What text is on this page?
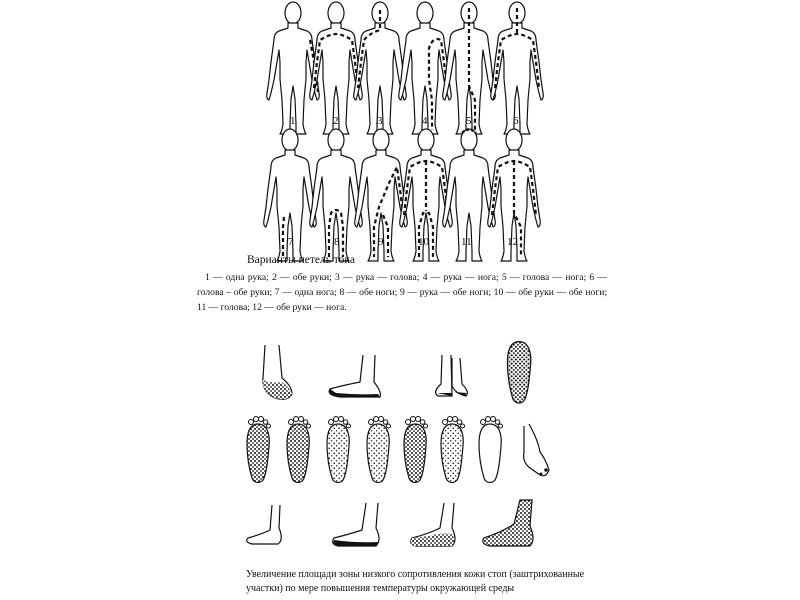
1	2	3	4	5	6
7	8	9	10	11	12
Варианты петель тока
1 — одна рука; 2 — обе руки; 3 — рука — голова; 4 — рука — нога; 5 — голова — нога; 6 — голова – обе руки; 7 — одна нога; 8 — обе ноги; 9 — рука — обе ноги; 10 — обе руки — обе ноги; 11 — голова; 12 — обе руки — нога.
Увеличение площади зоны низкого сопротивления кожи стоп (заштрихованные участки) по мере повышения температуры окружающей среды
